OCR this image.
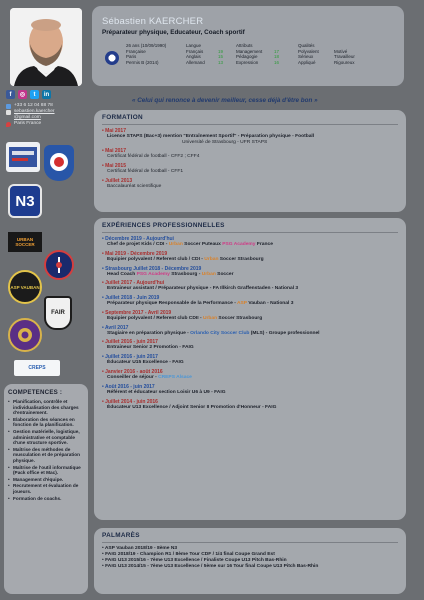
Sébastien KAERCHER
Préparateur physique, Educateur, Coach sportif
26 ans (10/09/1990)
Française
Paris
Permis B (2014)
Langue
Français	19
Anglais	15
Allemand	13
Attributs
Management	17
Pédagogie	18
Expression	16
Qualités
Polyvalent	Motivé
Sérieux	Travailleur
Appliqué	Rigoureux
f	◎	t	in
+33 6 12 04 88 78
sebastien.kaercher
@gmail.com
Paris France
N3
URBAN SOCCER
ASP VAUBAN
FAIR
CREPS
COMPETENCES :
• Planification, contrôle et individualisation des charges d'entrainement.
• Elaboration des séances en fonction de la planification.
• Gestion matérielle, logistique, administrative et comptable d'une structure sportive.
• Maîtrise des méthodes de musculation et de préparation physique.
• Maîtrise de l'outil informatique (Pack office et Mac).
• Management d'équipe.
• Recrutement et évaluation de joueurs.
• Formation de coachs.
« Celui qui renonce à devenir meilleur, cesse déjà d'être bon »
FORMATION
• Mai 2017
Licence STAPS (Bac+3) mention "Entraînement Sportif" - Préparation physique - Football
Université de Strasbourg - UFR STAPS
• Mai 2017
Certificat fédéral de football - CFF2 ; CFF4
• Mai 2015
Certificat fédéral de football - CFF1
• Juillet 2013
Baccalauréat scientifique
EXPÉRIENCES PROFESSIONNELLES
• Décembre 2019 - Aujourd'hui
Chef de projet Kids / CDI - Urban Soccer Puteaux PSG Academy France
• Mai 2019 - Décembre 2019
Equipier polyvalent / Referent club / CDI - Urban Soccer Strasbourg
• Strasbourg Juillet 2018 - Décembre 2019
Head Coach PSG Academy Strasbourg - Urban Soccer
• Juillet 2017 - Aujourd'hui
Entraineur assistant / Préparateur physique - FA Illkirch Graffenstaden - National 3
• Juillet 2018 - Juin 2019
Préparateur physique Responsable de la Performance - ASP Vauban - National 3
• Septembre 2017 - Avril 2019
Equipier polyvalent / Referent club CDII - Urban Soccer Strasbourg
• Avril 2017
Stagiaire en préparation physique - Orlando City Soccer Club (MLS) - Groupe professionnel
• Juillet 2016 - juin 2017
Entraineur Senior 2 Promotion - FAIG
• Juillet 2016 - juin 2017
Éducateur U15 Excellence - FAIG
• Janvier 2016 - août 2016
Conseiller de séjour - CREPS Alsace
• Août 2016 - juin 2017
Référent et éducateur section Loisir U6 à U9 - FAIG
• Juillet 2014 - juin 2016
Éducateur U13 Excellence / Adjoint Senior II Promotion d'Honneur - FAIG
PALMARÈS
• ASP Vauban 2018/19 - 8ème N3
• FAIG 2018/19 - Champion R1 / 8ème Tour CDF / 1/4 final Coupe Grand Est
• FAIG U13 2015/16 - 7ème U13 Excellence / Finaliste Coupe U13 Pitch Bas-Rhin
• FAIG U13 2014/15 - 7ème U13 Excellence / 5ème sur 16 Tour final Coupe U13 Pitch Bas-Rhin
